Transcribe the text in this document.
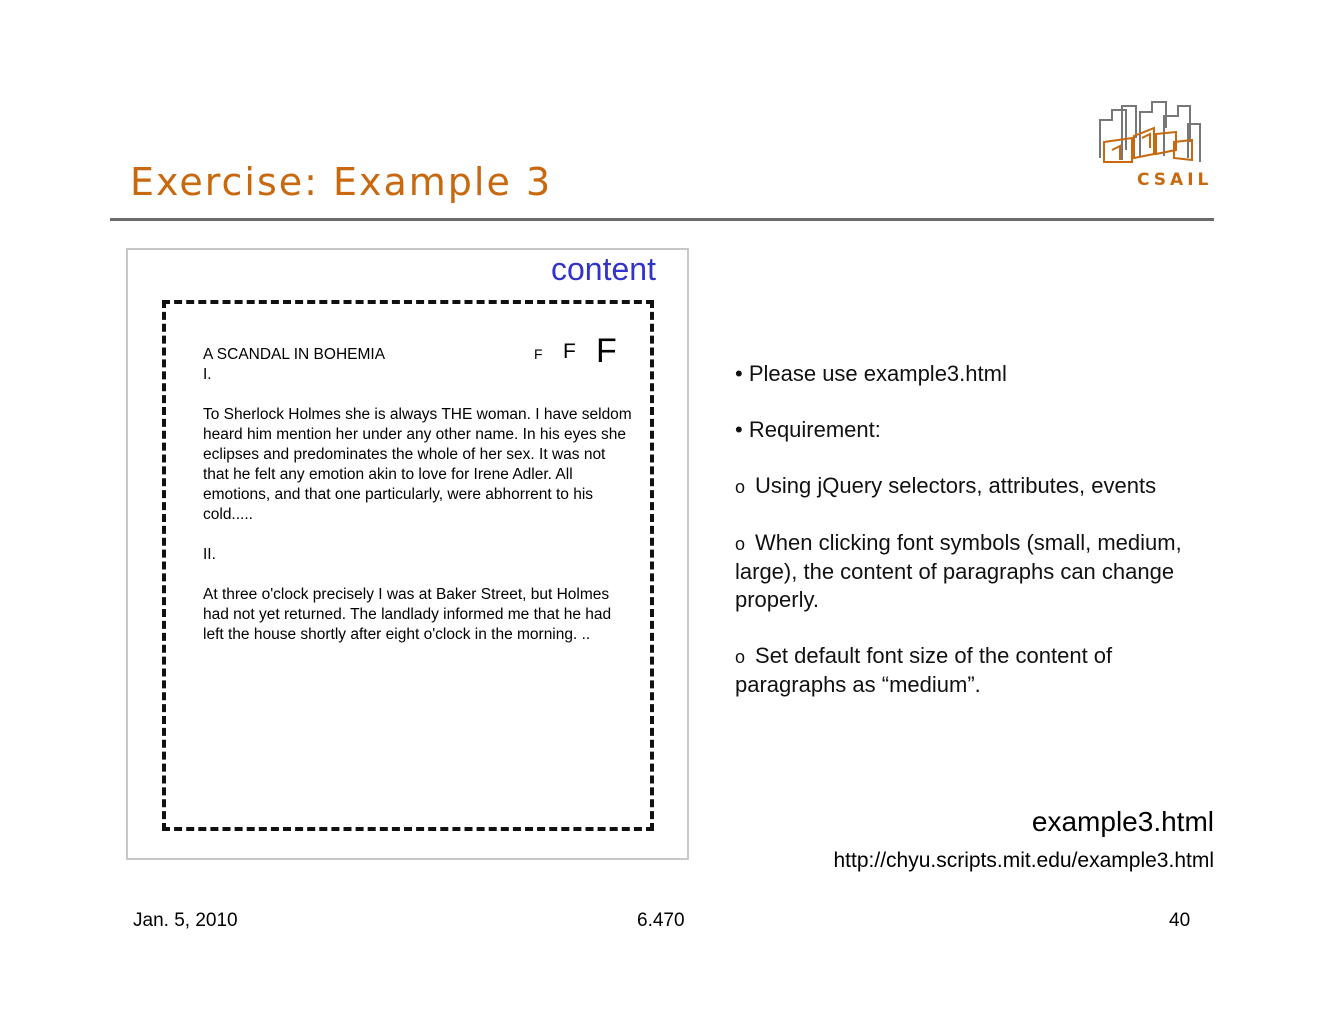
Exercise: Example 3	CSAIL
content
F F F

A SCANDAL IN BOHEMIA

I.

To Sherlock Holmes she is always THE woman. I have seldom heard him mention her under any other name. In his eyes she eclipses and predominates the whole of her sex. It was not that he felt any emotion akin to love for Irene Adler. All emotions, and that one particularly, were abhorrent to his cold.....

II.

At three o'clock precisely I was at Baker Street, but Holmes had not yet returned. The landlady informed me that he had left the house shortly after eight o'clock in the morning. ..

• Please use example3.html

• Requirement:

o Using jQuery selectors, attributes, events

o When clicking font symbols (small, medium, large), the content of paragraphs can change properly.

o Set default font size of the content of paragraphs as “medium”.

example3.html
http://chyu.scripts.mit.edu/example3.html
Jan. 5, 2010	6.470	40
